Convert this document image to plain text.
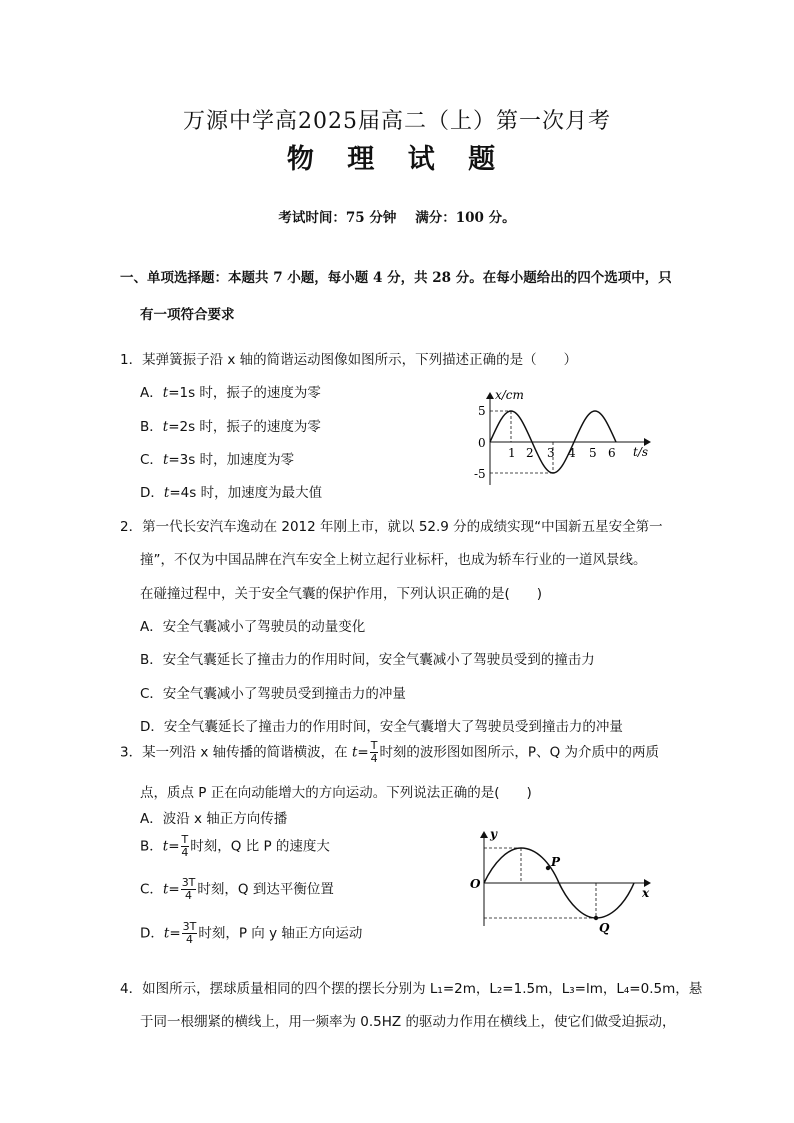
万源中学高2025届高二（上）第一次月考
物 理 试 题
考试时间：75 分钟    满分：100 分。
一、单项选择题：本题共 7 小题，每小题 4 分，共 28 分。在每小题给出的四个选项中，只
有一项符合要求
1．某弹簧振子沿 x 轴的简谐运动图像如图所示，下列描述正确的是（　　）
A．t=1s 时，振子的速度为零
B．t=2s 时，振子的速度为零
C．t=3s 时，加速度为零
D．t=4s 时，加速度为最大值
x/cm
t/s
5
0
-5
1 2 3 4 5 6
2．第一代长安汽车逸动在 2012 年刚上市，就以 52.9 分的成绩实现“中国新五星安全第一
撞”，不仅为中国品牌在汽车安全上树立起行业标杆，也成为轿车行业的一道风景线。
在碰撞过程中，关于安全气囊的保护作用，下列认识正确的是(　　)
A．安全气囊减小了驾驶员的动量变化
B．安全气囊延长了撞击力的作用时间，安全气囊减小了驾驶员受到的撞击力
C．安全气囊减小了驾驶员受到撞击力的冲量
D．安全气囊延长了撞击力的作用时间，安全气囊增大了驾驶员受到撞击力的冲量
3．某一列沿 x 轴传播的简谐横波，在 $t= \frac{T}{4}$ 时刻的波形图如图所示，P、Q 为介质中的两质
点，质点 P 正在向动能增大的方向运动。下列说法正确的是(　　)
A．波沿 x 轴正方向传播
B．$t= \frac{T}{4}$ 时刻，Q 比 P 的速度大
C．$t= \frac{3T}{4}$ 时刻，Q 到达平衡位置
D．$t= \frac{3T}{4}$ 时刻，P 向 y 轴正方向运动
y
x
O
P
Q
4．如图所示，摆球质量相同的四个摆的摆长分别为 L₁=2m，L₂=1.5m，L₃=lm，L₄=0.5m，悬
于同一根绷紧的横线上，用一频率为 0.5HZ 的驱动力作用在横线上，使它们做受迫振动，
